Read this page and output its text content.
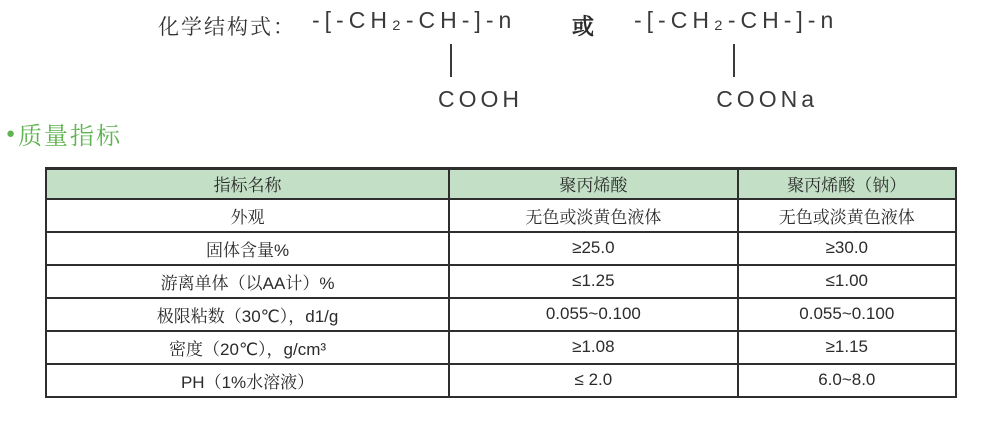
化学结构式： -[-CH₂-CH
COOH
-]-n	或 -[-CH₂-
COONa
CH-]-n
● 质量指标
指标名称	聚丙烯酸	聚丙烯酸（钠）
外观	无色或淡黄色液体	无色或淡黄色液体
固体含量%	≥25.0	≥30.0
游离单体（以AA计）%	≤1.25	≤1.00
极限粘数（30℃），d1/g	0.055~0.100	0.055~0.100
密度（20℃），g/cm³	≥1.08	≥1.15
PH（1%水溶液）	≤ 2.0	6.0~8.0
